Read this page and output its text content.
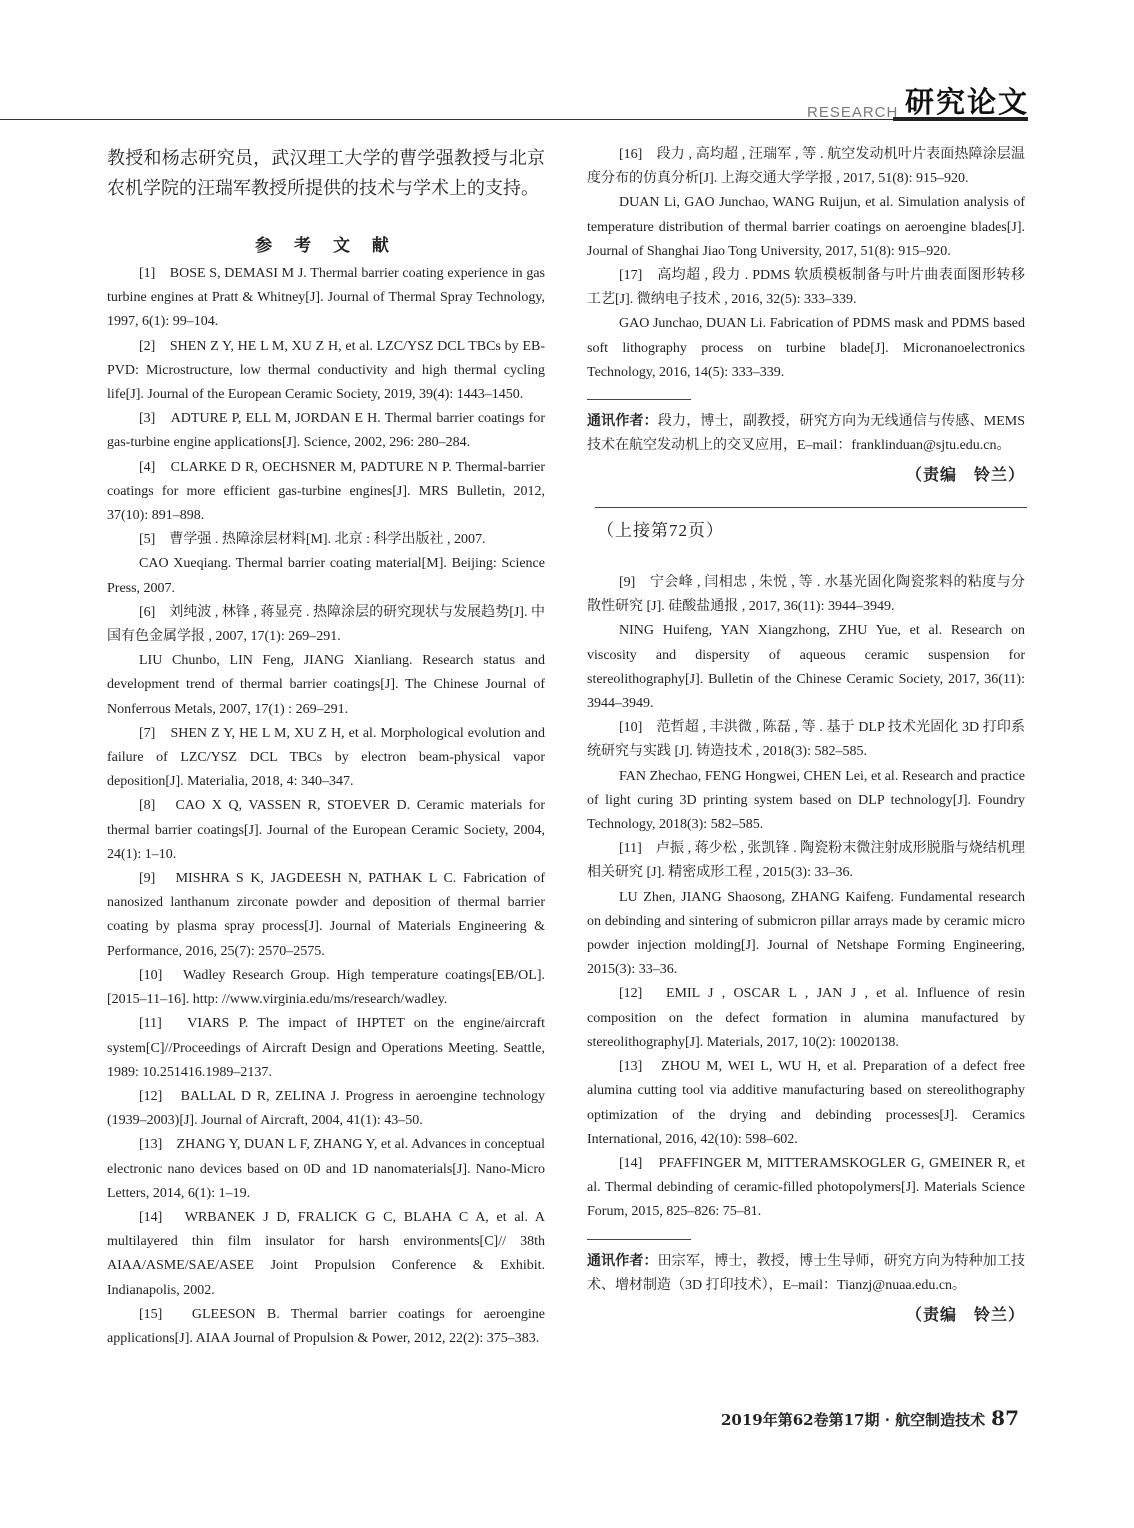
RESEARCH 研究论文

教授和杨志研究员，武汉理工大学的曹学强教授与北京农机学院的汪瑞军教授所提供的技术与学术上的支持。

参 考 文 献

[1]　BOSE S, DEMASI M J. Thermal barrier coating experience in gas turbine engines at Pratt & Whitney[J]. Journal of Thermal Spray Technology, 1997, 6(1): 99–104.

[2]　SHEN Z Y, HE L M, XU Z H, et al. LZC/YSZ DCL TBCs by EB-PVD: Microstructure, low thermal conductivity and high thermal cycling life[J]. Journal of the European Ceramic Society, 2019, 39(4): 1443–1450.

[3]　ADTURE P, ELL M, JORDAN E H. Thermal barrier coatings for gas-turbine engine applications[J]. Science, 2002, 296: 280–284.

[4]　CLARKE D R, OECHSNER M, PADTURE N P. Thermal-barrier coatings for more efficient gas-turbine engines[J]. MRS Bulletin, 2012, 37(10): 891–898.

[5]　曹学强 . 热障涂层材料[M]. 北京 : 科学出版社 , 2007.

CAO Xueqiang. Thermal barrier coating material[M]. Beijing: Science Press, 2007.

[6]　刘纯波 , 林锋 , 蒋显亮 . 热障涂层的研究现状与发展趋势[J]. 中国有色金属学报 , 2007, 17(1): 269–291.

LIU Chunbo, LIN Feng, JIANG Xianliang. Research status and development trend of thermal barrier coatings[J]. The Chinese Journal of Nonferrous Metals, 2007, 17(1) : 269–291.

[7]　SHEN Z Y, HE L M, XU Z H, et al. Morphological evolution and failure of LZC/YSZ DCL TBCs by electron beam-physical vapor deposition[J]. Materialia, 2018, 4: 340–347.

[8]　CAO X Q, VASSEN R, STOEVER D. Ceramic materials for thermal barrier coatings[J]. Journal of the European Ceramic Society, 2004, 24(1): 1–10.

[9]　MISHRA S K, JAGDEESH N, PATHAK L C. Fabrication of nanosized lanthanum zirconate powder and deposition of thermal barrier coating by plasma spray process[J]. Journal of Materials Engineering & Performance, 2016, 25(7): 2570–2575.

[10]　Wadley Research Group. High temperature coatings[EB/OL]. [2015–11–16]. http: //www.virginia.edu/ms/research/wadley.

[11]　VIARS P. The impact of IHPTET on the engine/aircraft system[C]//Proceedings of Aircraft Design and Operations Meeting. Seattle, 1989: 10.251416.1989–2137.

[12]　BALLAL D R, ZELINA J. Progress in aeroengine technology (1939–2003)[J]. Journal of Aircraft, 2004, 41(1): 43–50.

[13]　ZHANG Y, DUAN L F, ZHANG Y, et al. Advances in conceptual electronic nano devices based on 0D and 1D nanomaterials[J]. Nano-Micro Letters, 2014, 6(1): 1–19.

[14]　WRBANEK J D, FRALICK G C, BLAHA C A, et al. A multilayered thin film insulator for harsh environments[C]// 38th AIAA/ASME/SAE/ASEE Joint Propulsion Conference & Exhibit. Indianapolis, 2002.

[15]　GLEESON B. Thermal barrier coatings for aeroengine applications[J]. AIAA Journal of Propulsion & Power, 2012, 22(2): 375–383.

[16]　段力 , 高均超 , 汪瑞军 , 等 . 航空发动机叶片表面热障涂层温度分布的仿真分析[J]. 上海交通大学学报 , 2017, 51(8): 915–920.

DUAN Li, GAO Junchao, WANG Ruijun, et al. Simulation analysis of temperature distribution of thermal barrier coatings on aeroengine blades[J]. Journal of Shanghai Jiao Tong University, 2017, 51(8): 915–920.

[17]　高均超 , 段力 . PDMS 软质模板制备与叶片曲表面图形转移工艺[J]. 微纳电子技术 , 2016, 32(5): 333–339.

GAO Junchao, DUAN Li. Fabrication of PDMS mask and PDMS based soft lithography process on turbine blade[J]. Micronanoelectronics Technology, 2016, 14(5): 333–339.

通讯作者：段力，博士，副教授，研究方向为无线通信与传感、MEMS技术在航空发动机上的交叉应用，E–mail：franklinduan@sjtu.edu.cn。

（责编　铃兰）

（上接第72页）

[9]　宁会峰 , 闫相忠 , 朱悦 , 等 . 水基光固化陶瓷浆料的粘度与分散性研究 [J]. 硅酸盐通报 , 2017, 36(11): 3944–3949.

NING Huifeng, YAN Xiangzhong, ZHU Yue, et al. Research on viscosity and dispersity of aqueous ceramic suspension for stereolithography[J]. Bulletin of the Chinese Ceramic Society, 2017, 36(11): 3944–3949.

[10]　范哲超 , 丰洪微 , 陈磊 , 等 . 基于 DLP 技术光固化 3D 打印系统研究与实践 [J]. 铸造技术 , 2018(3): 582–585.

FAN Zhechao, FENG Hongwei, CHEN Lei, et al. Research and practice of light curing 3D printing system based on DLP technology[J]. Foundry Technology, 2018(3): 582–585.

[11]　卢振 , 蒋少松 , 张凯锋 . 陶瓷粉末微注射成形脱脂与烧结机理相关研究 [J]. 精密成形工程 , 2015(3): 33–36.

LU Zhen, JIANG Shaosong, ZHANG Kaifeng. Fundamental research on debinding and sintering of submicron pillar arrays made by ceramic micro powder injection molding[J]. Journal of Netshape Forming Engineering, 2015(3): 33–36.

[12]　EMIL J , OSCAR L , JAN J , et al. Influence of resin composition on the defect formation in alumina manufactured by stereolithography[J]. Materials, 2017, 10(2): 10020138.

[13]　ZHOU M, WEI L, WU H, et al. Preparation of a defect free alumina cutting tool via additive manufacturing based on stereolithography optimization of the drying and debinding processes[J]. Ceramics International, 2016, 42(10): 598–602.

[14]　PFAFFINGER M, MITTERAMSKOGLER G, GMEINER R, et al. Thermal debinding of ceramic-filled photopolymers[J]. Materials Science Forum, 2015, 825–826: 75–81.

通讯作者：田宗军，博士，教授，博士生导师，研究方向为特种加工技术、增材制造（3D 打印技术），E–mail：Tianzj@nuaa.edu.cn。

（责编　铃兰）

2019年第62卷第17期 · 航空制造技术 87
